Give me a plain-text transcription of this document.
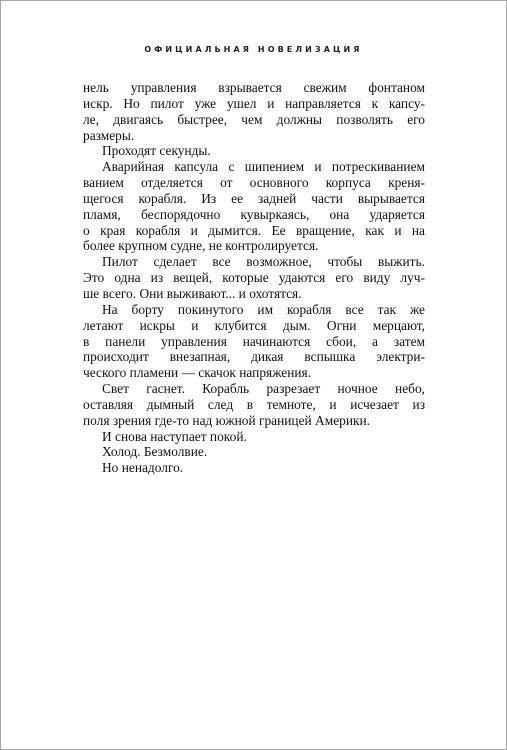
ОФИЦИАЛЬНАЯ НОВЕЛИЗАЦИЯ
нель управления взрывается свежим фонтаном
искр. Но пилот уже ушел и направляется к капсу-
ле, двигаясь быстрее, чем должны позволять его
размеры.
Проходят секунды.
Аварийная капсула с шипением и потрескиванием
ванием отделяется от основного корпуса креня-
щегося корабля. Из ее задней части вырывается
пламя, беспорядочно кувыркаясь, она ударяется
о края корабля и дымится. Ее вращение, как и на
более крупном судне, не контролируется.
Пилот сделает все возможное, чтобы выжить.
Это одна из вещей, которые удаются его виду луч-
ше всего. Они выживают... и охотятся.
На борту покинутого им корабля все так же
летают искры и клубится дым. Огни мерцают,
в панели управления начинаются сбои, а затем
происходит внезапная, дикая вспышка электри-
ческого пламени — скачок напряжения.
Свет гаснет. Корабль разрезает ночное небо,
оставляя дымный след в темноте, и исчезает из
поля зрения где-то над южной границей Америки.
И снова наступает покой.
Холод. Безмолвие.
Но ненадолго.
